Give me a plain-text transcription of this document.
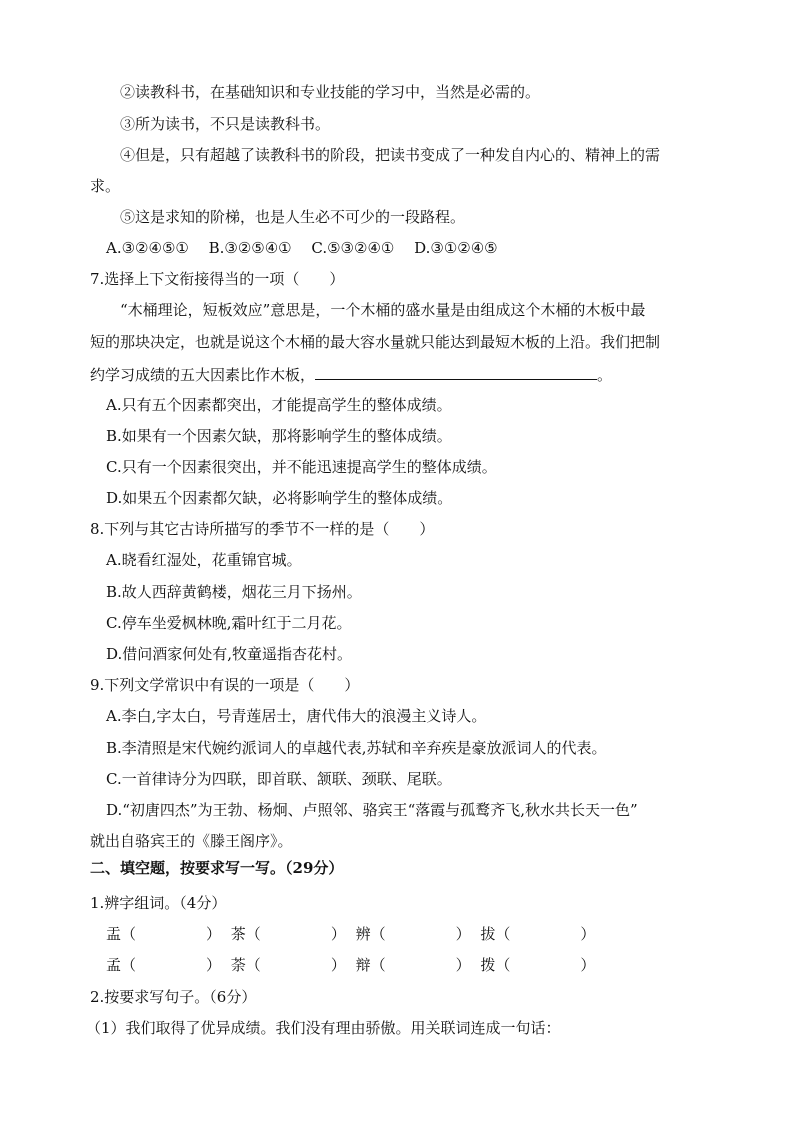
②读教科书，在基础知识和专业技能的学习中，当然是必需的。
③所为读书，不只是读教科书。
④但是，只有超越了读教科书的阶段，把读书变成了一种发自内心的、精神上的需
求。
⑤这是求知的阶梯，也是人生必不可少的一段路程。
A.③②④⑤①　 B.③②⑤④①　 C.⑤③②④①　 D.③①②④⑤
7.选择上下文衔接得当的一项（　　）
“木桶理论，短板效应”意思是，一个木桶的盛水量是由组成这个木桶的木板中最
短的那块决定，也就是说这个木桶的最大容水量就只能达到最短木板的上沿。我们把制
约学习成绩的五大因素比作木板，	。
A.只有五个因素都突出，才能提高学生的整体成绩。
B.如果有一个因素欠缺，那将影响学生的整体成绩。
C.只有一个因素很突出，并不能迅速提高学生的整体成绩。
D.如果五个因素都欠缺，必将影响学生的整体成绩。
8.下列与其它古诗所描写的季节不一样的是（　　）
A.晓看红湿处，花重锦官城。
B.故人西辞黄鹤楼，烟花三月下扬州。
C.停车坐爱枫林晚,霜叶红于二月花。
D.借问酒家何处有,牧童遥指杏花村。
9.下列文学常识中有误的一项是（　　）
A.李白,字太白，号青莲居士，唐代伟大的浪漫主义诗人。
B.李清照是宋代婉约派词人的卓越代表,苏轼和辛弃疾是豪放派词人的代表。
C.一首律诗分为四联，即首联、颔联、颈联、尾联。
D.“初唐四杰”为王勃、杨炯、卢照邻、骆宾王“落霞与孤鹜齐飞,秋水共长天一色”
就出自骆宾王的《滕王阁序》。
二、填空题，按要求写一写。（29分）
1.辨字组词。（4分）
盂（	） 茶（	） 辨（	） 拔（	）
孟（	） 荼（	） 辩（	） 拨（	）
2.按要求写句子。（6分）
（1）我们取得了优异成绩。我们没有理由骄傲。用关联词连成一句话：
